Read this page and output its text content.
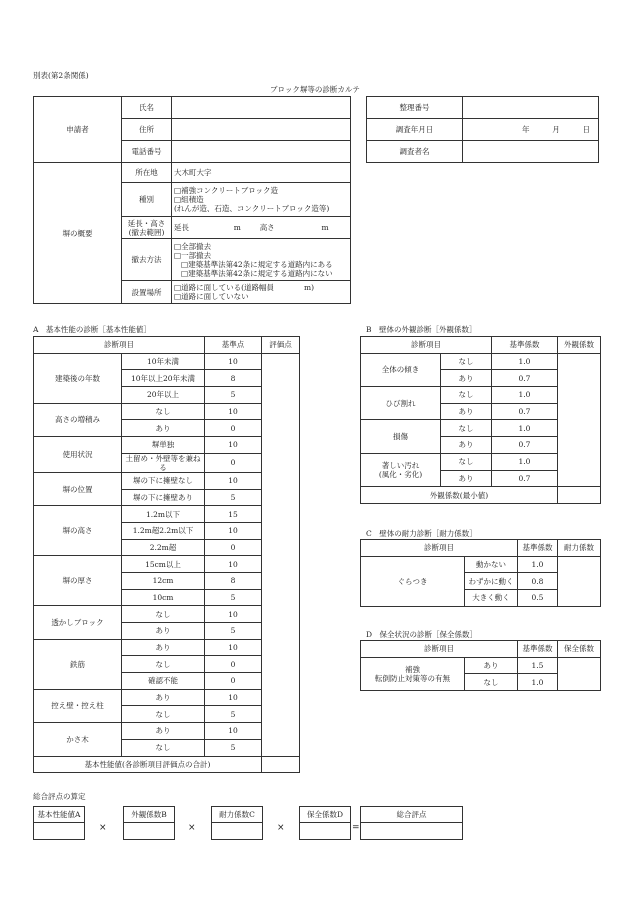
別表(第2条関係)
ブロック塀等の診断カルテ
申請者	氏名	
	住所	
	電話番号	
塀の概要	所在地	大木町大字
	種別	□補強コンクリートブロック造
□組積造
(れんが造、石造、コンクリートブロック造等)

	延長・高さ
(撤去範囲)	延長 m 高さ m
	撤去方法	□全部撤去
□一部撤去
□建築基準法第42条に規定する道路内にある
□建築基準法第42条に規定する道路内にない

	設置場所	□道路に面している(道路幅員　　　　m)
□道路に面していない
整理番号	
調査年月日	年 月 日
調査者名	
A　基本性能の診断［基本性能値］
診断項目		基準点	評価点
建築後の年数	10年未満	10	
	10年以上20年未満	8	
	20年以上	5	
高さの増積み	なし	10	
	あり	0	
使用状況	塀単独	10	
	土留め・外壁等を兼ねる	0	
塀の位置	塀の下に擁壁なし	10	
	塀の下に擁壁あり	5	
塀の高さ	1.2m以下	15	
	1.2m超2.2m以下	10	
	2.2m超	0	
塀の厚さ	15cm以上	10	
	12cm	8	
	10cm	5	
透かしブロック	なし	10	
	あり	5	
鉄筋	あり	10	
	なし	0	
	確認不能	0	
控え壁・控え柱	あり	10	
	なし	5	
かさ木	あり	10	
	なし	5	
基本性能値(各診断項目評価点の合計)			
B　壁体の外観診断［外観係数］
診断項目		基準係数	外観係数

全体の傾き	なし	1.0	
	あり	0.7	

ひび割れ	なし	1.0	
	あり	0.7	

損傷	なし	1.0	
	あり	0.7	

著しい汚れ
(風化・劣化)	なし	1.0	
	あり	0.7	
外観係数(最小値)			
C　壁体の耐力診断［耐力係数］
診断項目		基準係数	耐力係数
ぐらつき	動かない	1.0	
	わずかに動く	0.8	
	大きく動く	0.5	
D　保全状況の診断［保全係数］
診断項目		基準係数	保全係数

補強
転倒防止対策等の有無	あり	1.5	
	なし	1.0	
総合評点の算定
基本性能値A
×
外観係数B
×
耐力係数C
×
保全係数D
=
総合評点
